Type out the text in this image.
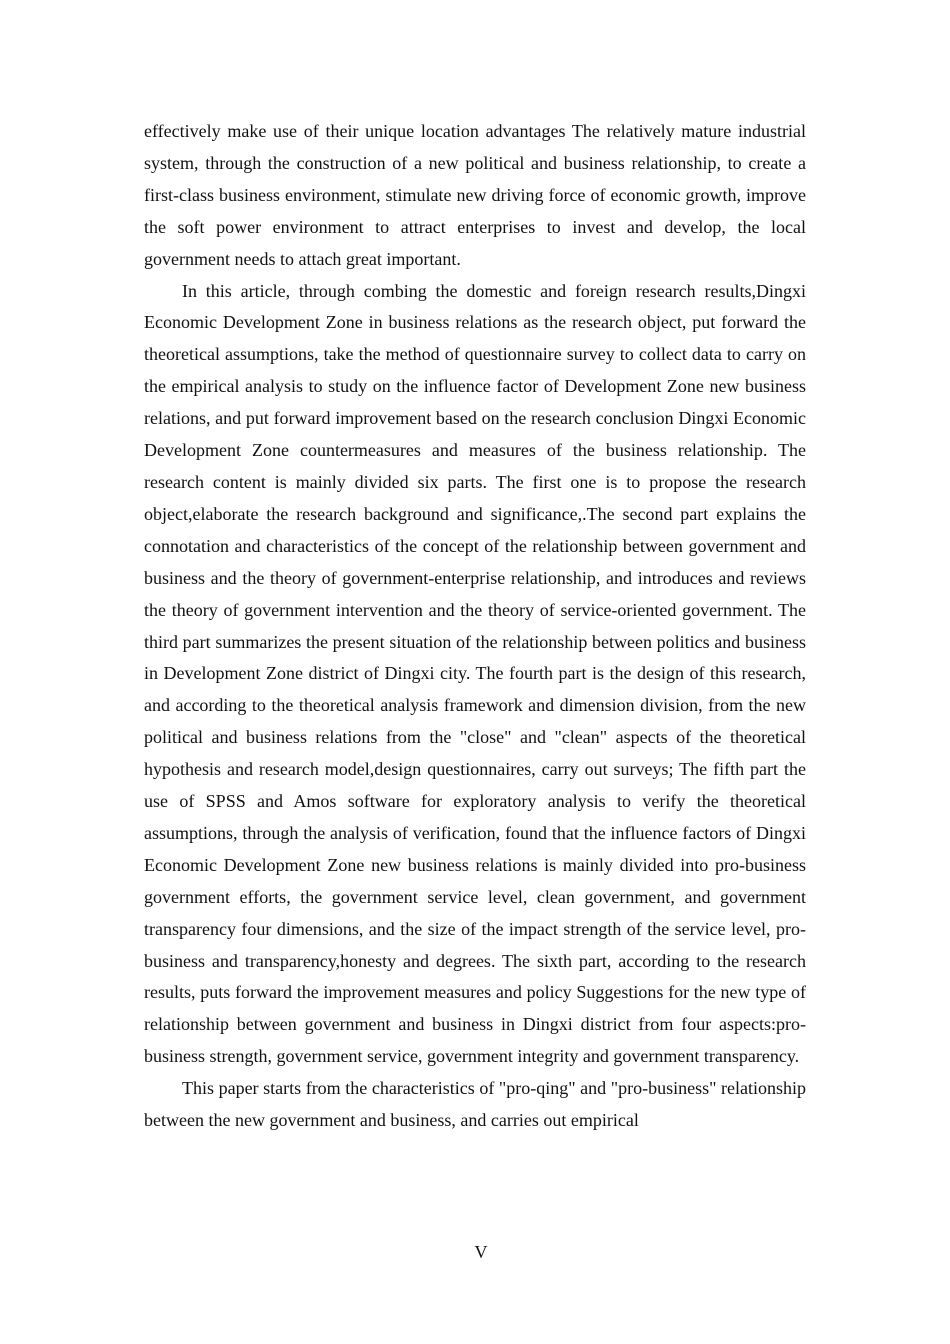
effectively make use of their unique location advantages The relatively mature industrial system, through the construction of a new political and business relationship, to create a first-class business environment, stimulate new driving force of economic growth, improve the soft power environment to attract enterprises to invest and develop, the local government needs to attach great important.

In this article, through combing the domestic and foreign research results,Dingxi Economic Development Zone in business relations as the research object, put forward the theoretical assumptions, take the method of questionnaire survey to collect data to carry on the empirical analysis to study on the influence factor of Development Zone new business relations, and put forward improvement based on the research conclusion Dingxi Economic Development Zone countermeasures and measures of the business relationship. The research content is mainly divided six parts. The first one is to propose the research object,elaborate the research background and significance,.The second part explains the connotation and characteristics of the concept of the relationship between government and business and the theory of government-enterprise relationship, and introduces and reviews the theory of government intervention and the theory of service-oriented government. The third part summarizes the present situation of the relationship between politics and business in Development Zone district of Dingxi city. The fourth part is the design of this research, and according to the theoretical analysis framework and dimension division, from the new political and business relations from the "close" and "clean" aspects of the theoretical hypothesis and research model,design questionnaires, carry out surveys; The fifth part the use of SPSS and Amos software for exploratory analysis to verify the theoretical assumptions, through the analysis of verification, found that the influence factors of Dingxi Economic Development Zone new business relations is mainly divided into pro-business government efforts, the government service level, clean government, and government transparency four dimensions, and the size of the impact strength of the service level, pro-business and transparency,honesty and degrees. The sixth part, according to the research results, puts forward the improvement measures and policy Suggestions for the new type of relationship between government and business in Dingxi district from four aspects:pro-business strength, government service, government integrity and government transparency.

This paper starts from the characteristics of "pro-qing" and "pro-business" relationship between the new government and business, and carries out empirical

V
